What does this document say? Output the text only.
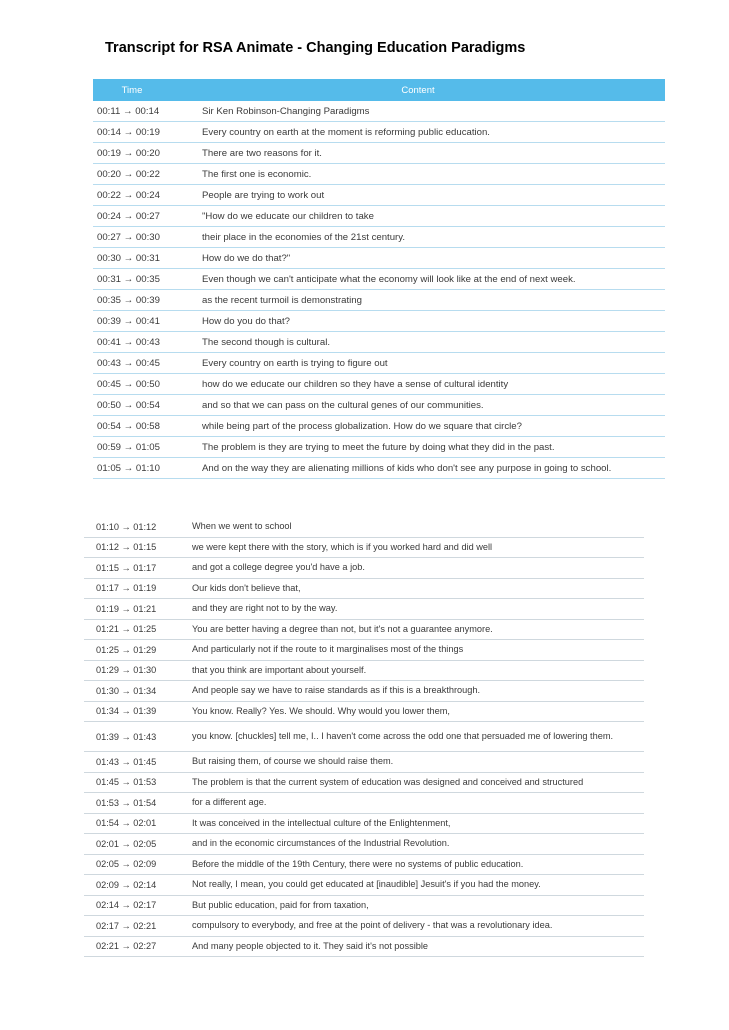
Transcript for RSA Animate - Changing Education Paradigms
Time	Content
00:11 → 00:14	Sir Ken Robinson-Changing Paradigms
00:14 → 00:19	Every country on earth at the moment is reforming public education.
00:19 → 00:20	There are two reasons for it.
00:20 → 00:22	The first one is economic.
00:22 → 00:24	People are trying to work out
00:24 → 00:27	"How do we educate our children to take
00:27 → 00:30	their place in the economies of the 21st century.
00:30 → 00:31	How do we do that?"
00:31 → 00:35	Even though we can't anticipate what the economy will look like at the end of next week.
00:35 → 00:39	as the recent turmoil is demonstrating
00:39 → 00:41	How do you do that?
00:41 → 00:43	The second though is cultural.
00:43 → 00:45	Every country on earth is trying to figure out
00:45 → 00:50	how do we educate our children so they have a sense of cultural identity
00:50 → 00:54	and so that we can pass on the cultural genes of our communities.
00:54 → 00:58	while being part of the process globalization. How do we square that circle?
00:59 → 01:05	The problem is they are trying to meet the future by doing what they did in the past.
01:05 → 01:10	And on the way they are alienating millions of kids who don't see any purpose in going to school.
01:10 → 01:12	When we went to school
01:12 → 01:15	we were kept there with the story, which is if you worked hard and did well
01:15 → 01:17	and got a college degree you'd have a job.
01:17 → 01:19	Our kids don't believe that,
01:19 → 01:21	and they are right not to by the way.
01:21 → 01:25	You are better having a degree than not, but it's not a guarantee anymore.
01:25 → 01:29	And particularly not if the route to it marginalises most of the things
01:29 → 01:30	that you think are important about yourself.
01:30 → 01:34	And people say we have to raise standards as if this is a breakthrough.
01:34 → 01:39	You know. Really? Yes. We should. Why would you lower them,
01:39 → 01:43	you know. [chuckles] tell me, I.. I haven't come across the odd one that persuaded me of lowering them.
01:43 → 01:45	But raising them, of course we should raise them.
01:45 → 01:53	The problem is that the current system of education was designed and conceived and structured
01:53 → 01:54	for a different age.
01:54 → 02:01	It was conceived in the intellectual culture of the Enlightenment,
02:01 → 02:05	and in the economic circumstances of the Industrial Revolution.
02:05 → 02:09	Before the middle of the 19th Century, there were no systems of public education.
02:09 → 02:14	Not really, I mean, you could get educated at [inaudible] Jesuit's if you had the money.
02:14 → 02:17	But public education, paid for from taxation,
02:17 → 02:21	compulsory to everybody, and free at the point of delivery - that was a revolutionary idea.
02:21 → 02:27	And many people objected to it. They said it's not possible
